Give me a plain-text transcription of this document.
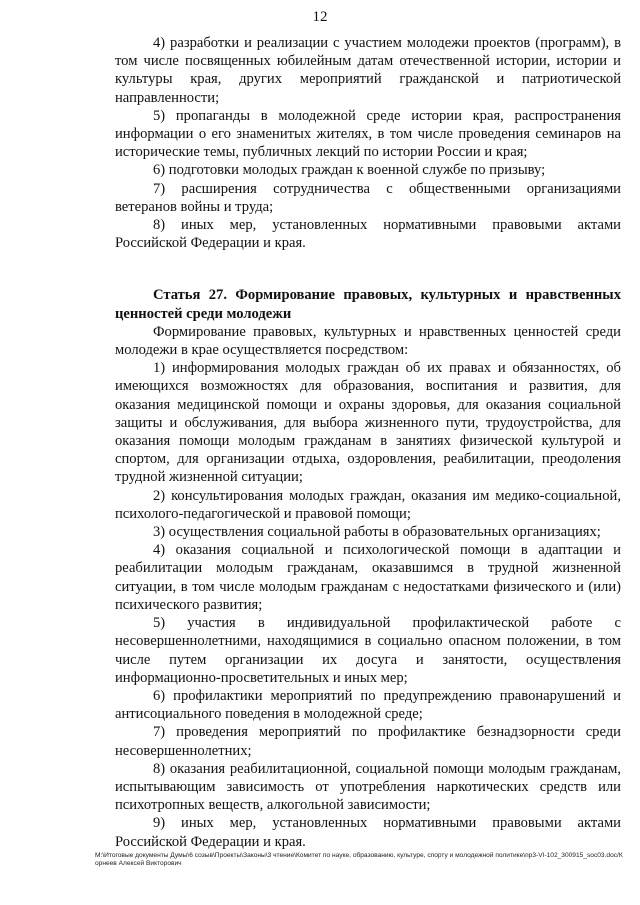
12

4) разработки и реализации с участием молодежи проектов (программ), в том числе посвященных юбилейным датам отечественной истории, истории и культуры края, других мероприятий гражданской и патриотической направленности;

5) пропаганды в молодежной среде истории края, распространения информации о его знаменитых жителях, в том числе проведения семинаров на исторические темы, публичных лекций по истории России и края;

6) подготовки молодых граждан к военной службе по призыву;

7) расширения сотрудничества с общественными организациями ветеранов войны и труда;

8) иных мер, установленных нормативными правовыми актами Российской Федерации и края.

Статья 27. Формирование правовых, культурных и нравственных ценностей среди молодежи

Формирование правовых, культурных и нравственных ценностей среди молодежи в крае осуществляется посредством:

1) информирования молодых граждан об их правах и обязанностях, об имеющихся возможностях для образования, воспитания и развития, для оказания медицинской помощи и охраны здоровья, для оказания социальной защиты и обслуживания, для выбора жизненного пути, трудоустройства, для оказания помощи молодым гражданам в занятиях физической культурой и спортом, для организации отдыха, оздоровления, реабилитации, преодоления трудной жизненной ситуации;

2) консультирования молодых граждан, оказания им медико-социальной, психолого-педагогической и правовой помощи;

3) осуществления социальной работы в образовательных организациях;

4) оказания социальной и психологической помощи в адаптации и реабилитации молодым гражданам, оказавшимся в трудной жизненной ситуации, в том числе молодым гражданам с недостатками физического и (или) психического развития;

5) участия в индивидуальной профилактической работе с несовершеннолетними, находящимися в социально опасном положении, в том числе путем организации их досуга и занятости, осуществления информационно-просветительных и иных мер;

6) профилактики мероприятий по предупреждению правонарушений и антисоциального поведения в молодежной среде;

7) проведения мероприятий по профилактике безнадзорности среди несовершеннолетних;

8) оказания реабилитационной, социальной помощи молодым гражданам, испытывающим зависимость от употребления наркотических средств или психотропных веществ, алкогольной зависимости;

9) иных мер, установленных нормативными правовыми актами Российской Федерации и края.

M:\Итоговые документы Думы\6 созыв\Проекты\Законы\3 чтение\Комитет по науке, образованию, культуре, спорту и молодежной политике\пр3-VI-102_300915_soc03.doc/Корнеев Алексей Викторович
